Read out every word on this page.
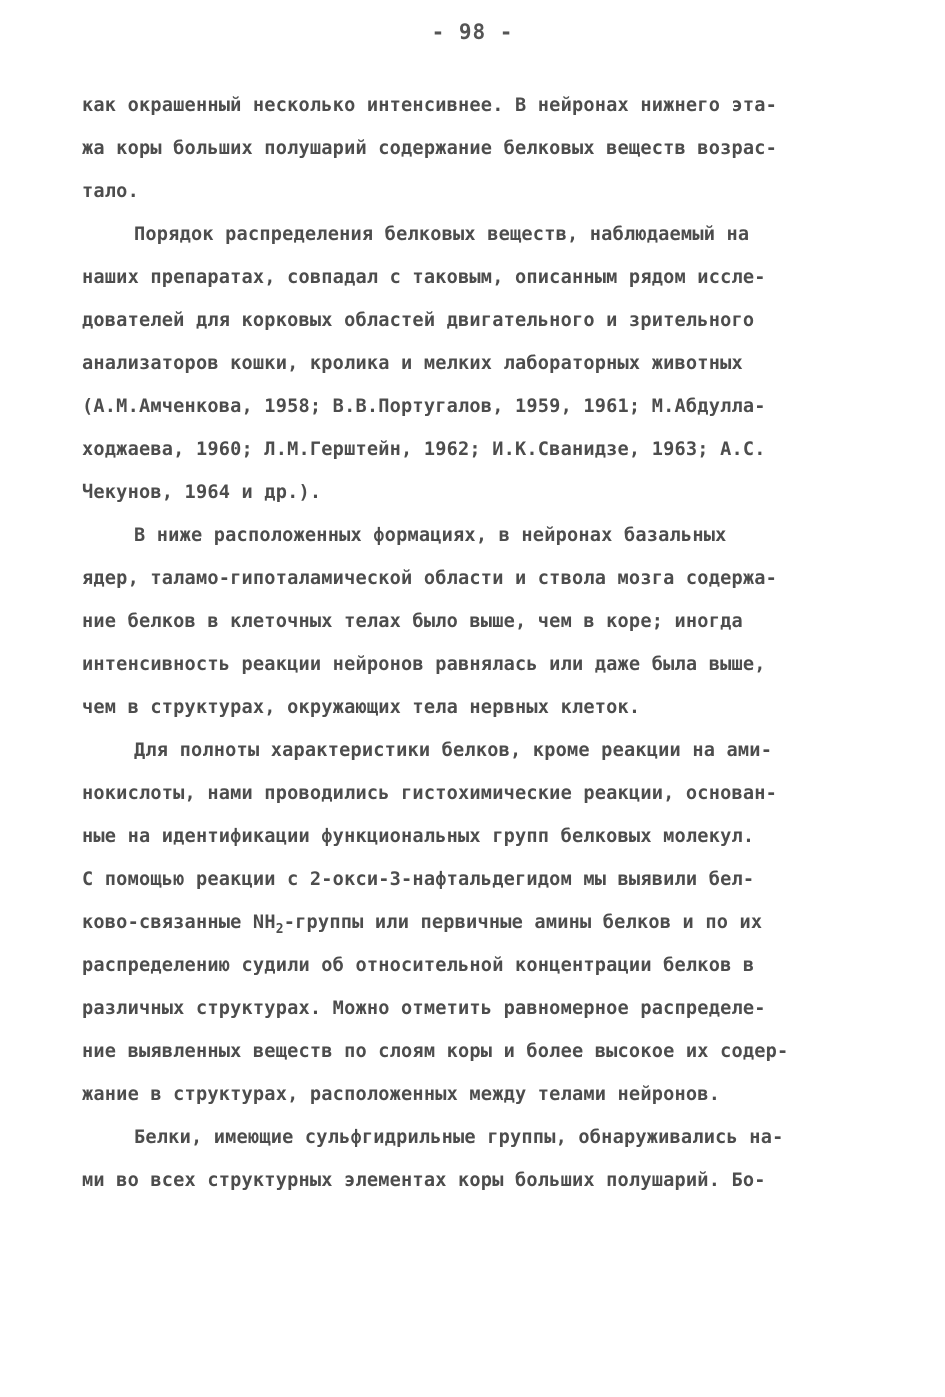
- 98 -
как окрашенный несколько интенсивнее. В нейронах нижнего эта-
жа коры больших полушарий содержание белковых веществ возрас-
тало.
Порядок распределения белковых веществ, наблюдаемый на
наших препаратах, совпадал с таковым, описанным рядом иссле-
дователей для корковых областей двигательного и зрительного
анализаторов кошки, кролика и мелких лабораторных животных
(А.М.Амченкова, 1958; В.В.Португалов, 1959, 1961; М.Абдулла-
ходжаева, 1960; Л.М.Герштейн, 1962; И.К.Сванидзе, 1963; А.С.
Чекунов, 1964 и др.).
В ниже расположенных формациях, в нейронах базальных
ядер, таламо-гипоталамической области и ствола мозга содержа-
ние белков в клеточных телах было выше, чем в коре; иногда
интенсивность реакции нейронов равнялась или даже была выше,
чем в структурах, окружающих тела нервных клеток.
Для полноты характеристики белков, кроме реакции на ами-
нокислоты, нами проводились гистохимические реакции, основан-
ные на идентификации функциональных групп белковых молекул.
С помощью реакции с 2-окси-3-нафтальдегидом мы выявили бел-
ково-связанные $NH_2$-группы или первичные амины белков и по их
распределению судили об относительной концентрации белков в
различных структурах. Можно отметить равномерное распределе-
ние выявленных веществ по слоям коры и более высокое их содер-
жание в структурах, расположенных между телами нейронов.
Белки, имеющие сульфгидрильные группы, обнаруживались на-
ми во всех структурных элементах коры больших полушарий. Бо-
